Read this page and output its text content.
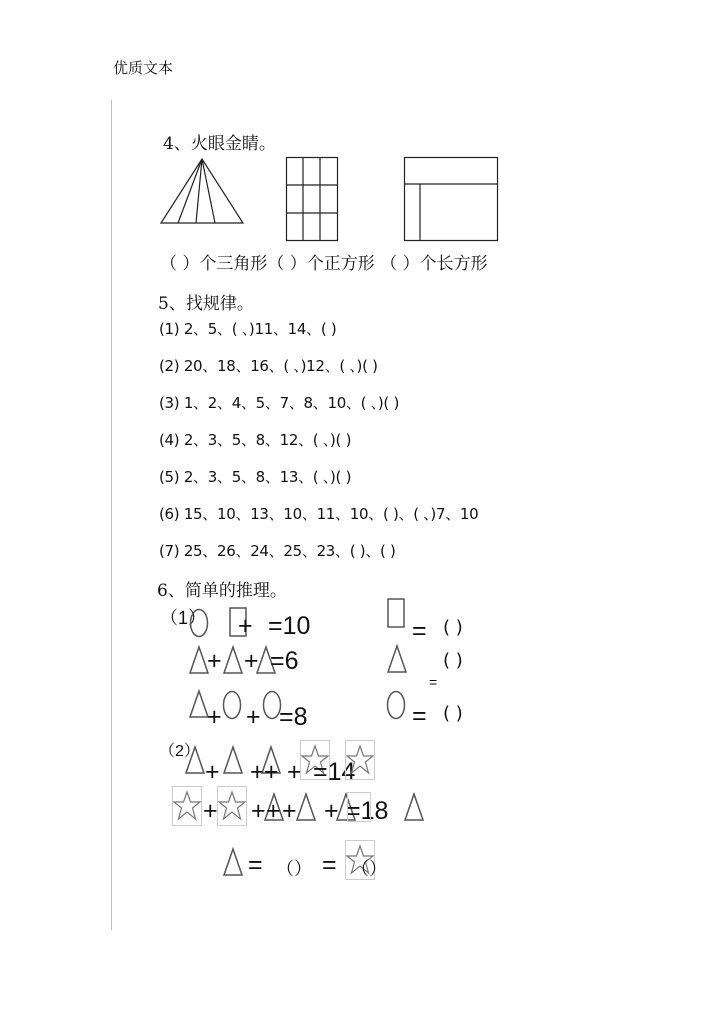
优质文本
4、火眼金睛。
（ ）个三角形（ ）个正方形 （ ）个长方形
5、找规律。
(1) 2、5、( 、)11、14、( )
(2) 20、18、16、( 、)12、( 、)( )
(3) 1、2、4、5、7、8、10、( 、)( )
(4) 2、3、5、8、12、( 、)( )
(5) 2、3、5、8、13、( 、)( )
(6) 15、10、13、10、11、10、( )、( 、)7、10
(7) 25、26、24、25、23、( )、( )
6、简单的推理。
（1） + =10	= ( )
+ + =6	( )
=
+ + =8	= ( )
（2）
+ + + + =14
+ + + + + =18
= （） = （）
